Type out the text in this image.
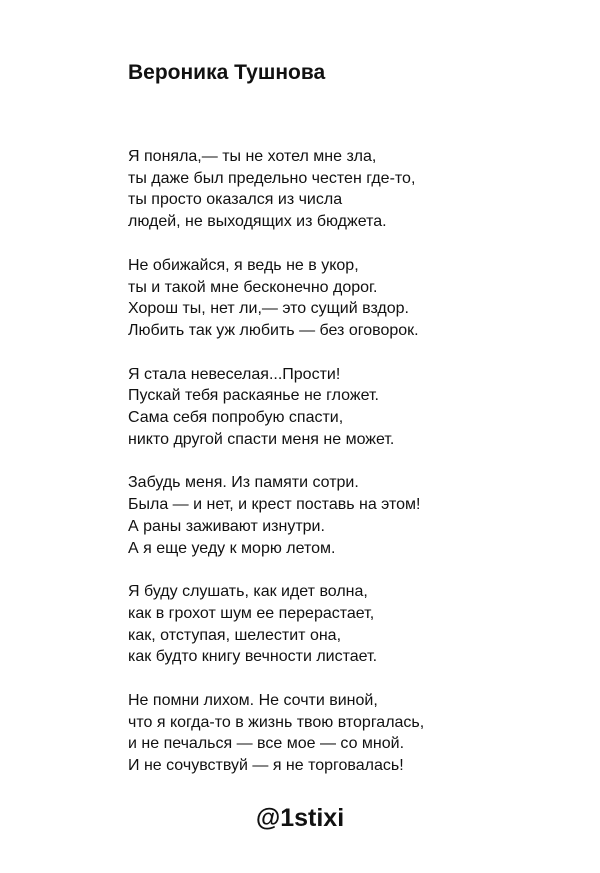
Вероника Тушнова
Я поняла,— ты не хотел мне зла,
ты даже был предельно честен где-то,
ты просто оказался из числа
людей, не выходящих из бюджета.
Не обижайся, я ведь не в укор,
ты и такой мне бесконечно дорог.
Хорош ты, нет ли,— это сущий вздор.
Любить так уж любить — без оговорок.
Я стала невеселая...Прости!
Пускай тебя раскаянье не гложет.
Сама себя попробую спасти,
никто другой спасти меня не может.
Забудь меня. Из памяти сотри.
Была — и нет, и крест поставь на этом!
А раны заживают изнутри.
А я еще уеду к морю летом.
Я буду слушать, как идет волна,
как в грохот шум ее перерастает,
как, отступая, шелестит она,
как будто книгу вечности листает.
Не помни лихом. Не сочти виной,
что я когда-то в жизнь твою вторгалась,
и не печалься — все мое — со мной.
И не сочувствуй — я не торговалась!
@1stixi
